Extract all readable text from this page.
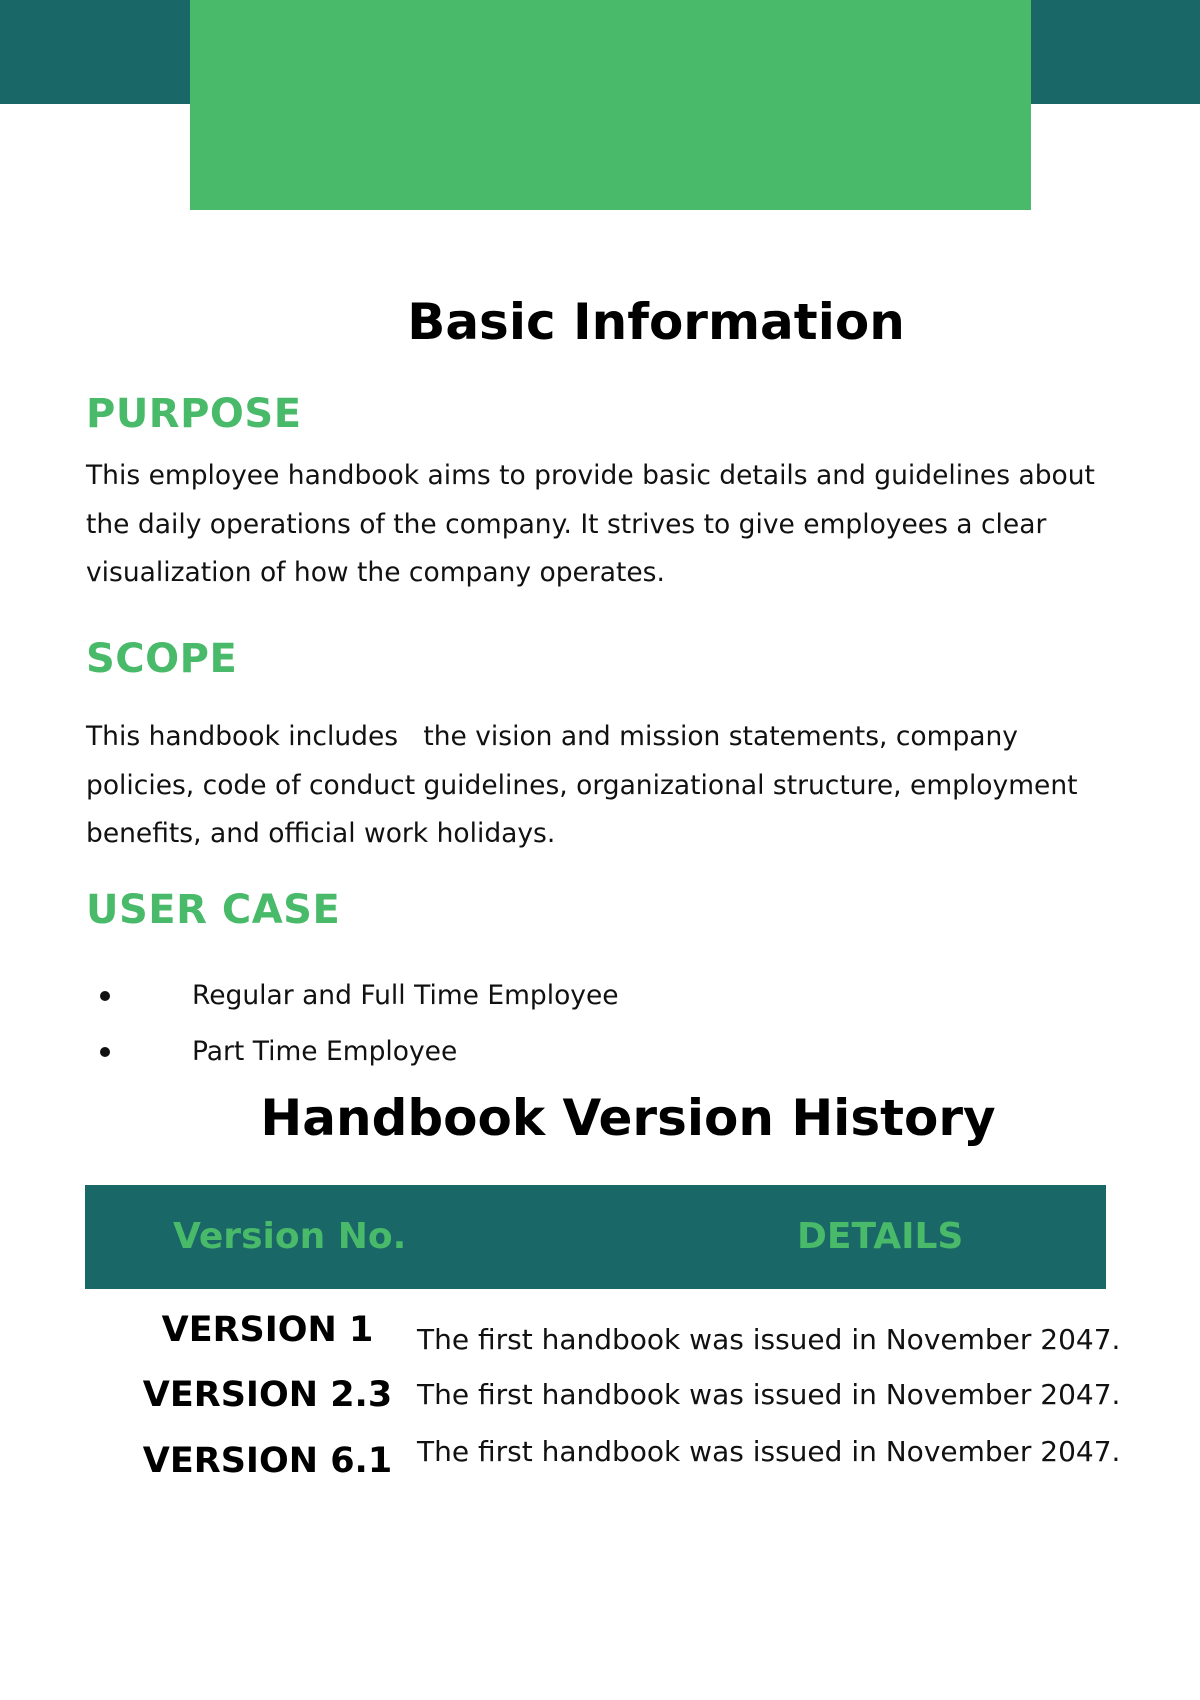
Basic Information
PURPOSE

This employee handbook aims to provide basic details and guidelines about the daily operations of the company. It strives to give employees a clear visualization of how the company operates.

SCOPE

This handbook includes   the vision and mission statements, company policies, code of conduct guidelines, organizational structure, employment benefits, and official work holidays.

USER CASE
Regular and Full Time Employee
Part Time Employee
Handbook Version History
Version No.	DETAILS
VERSION 1	The first handbook was issued in November 2047.
VERSION 2.3 The first handbook was issued in November 2047.
VERSION 6.1 The first handbook was issued in November 2047.
